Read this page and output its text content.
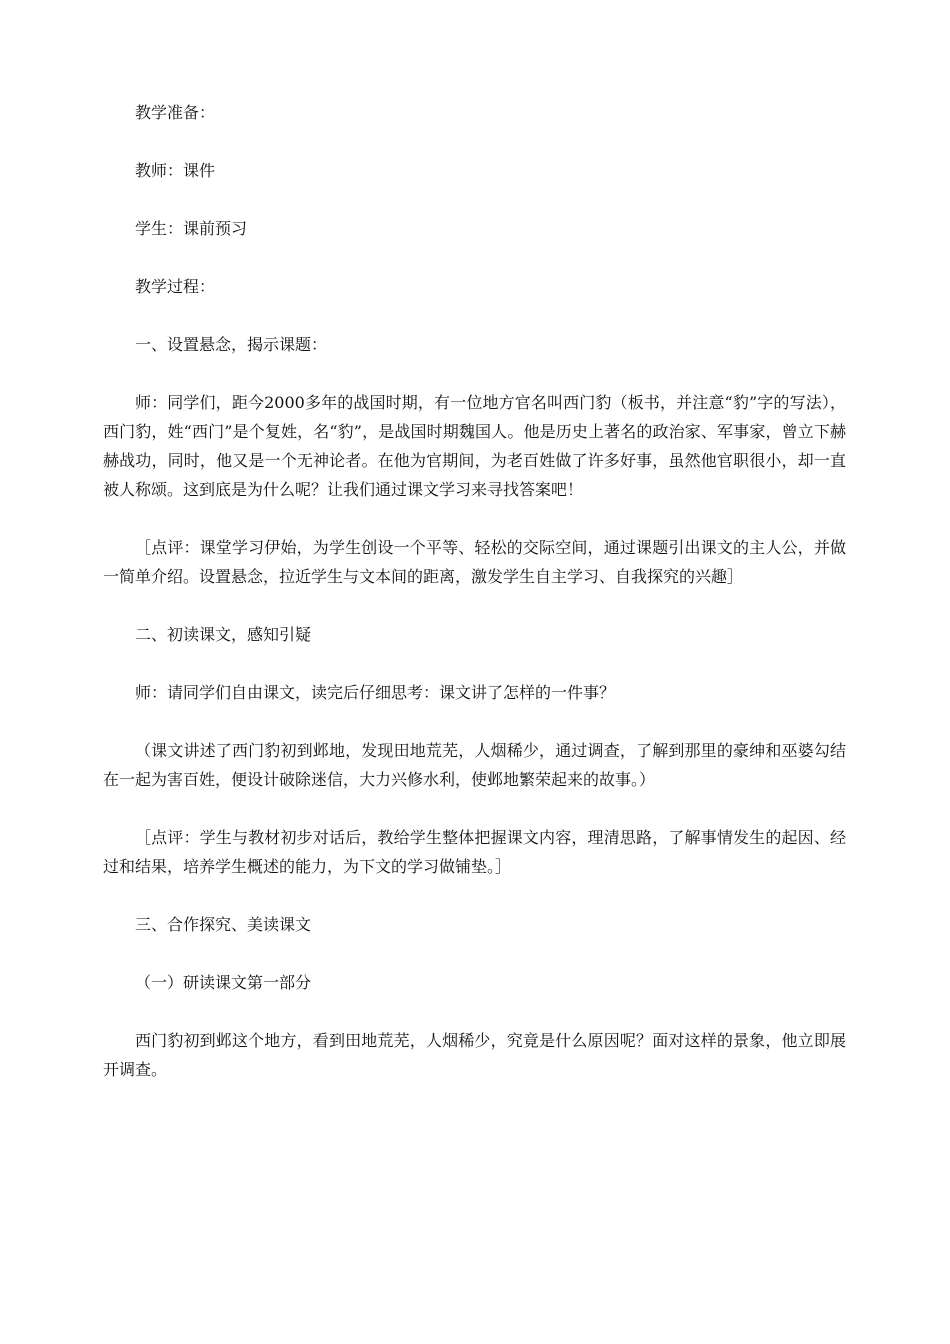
教学准备：

教师：课件

学生：课前预习

教学过程：

一、设置悬念，揭示课题：

师：同学们，距今2000多年的战国时期，有一位地方官名叫西门豹（板书，并注意“豹”字的写法），西门豹，姓“西门”是个复姓，名“豹”，是战国时期魏国人。他是历史上著名的政治家、军事家，曾立下赫赫战功，同时，他又是一个无神论者。在他为官期间，为老百姓做了许多好事，虽然他官职很小，却一直被人称颂。这到底是为什么呢？让我们通过课文学习来寻找答案吧！

［点评：课堂学习伊始，为学生创设一个平等、轻松的交际空间，通过课题引出课文的主人公，并做一简单介绍。设置悬念，拉近学生与文本间的距离，激发学生自主学习、自我探究的兴趣］

二、初读课文，感知引疑

师：请同学们自由课文，读完后仔细思考：课文讲了怎样的一件事？

（课文讲述了西门豹初到邺地，发现田地荒芜，人烟稀少，通过调查，了解到那里的豪绅和巫婆勾结在一起为害百姓，便设计破除迷信，大力兴修水利，使邺地繁荣起来的故事。）

［点评：学生与教材初步对话后，教给学生整体把握课文内容，理清思路，了解事情发生的起因、经过和结果，培养学生概述的能力，为下文的学习做铺垫。］

三、合作探究、美读课文

（一）研读课文第一部分

西门豹初到邺这个地方，看到田地荒芜，人烟稀少，究竟是什么原因呢？面对这样的景象，他立即展开调查。
